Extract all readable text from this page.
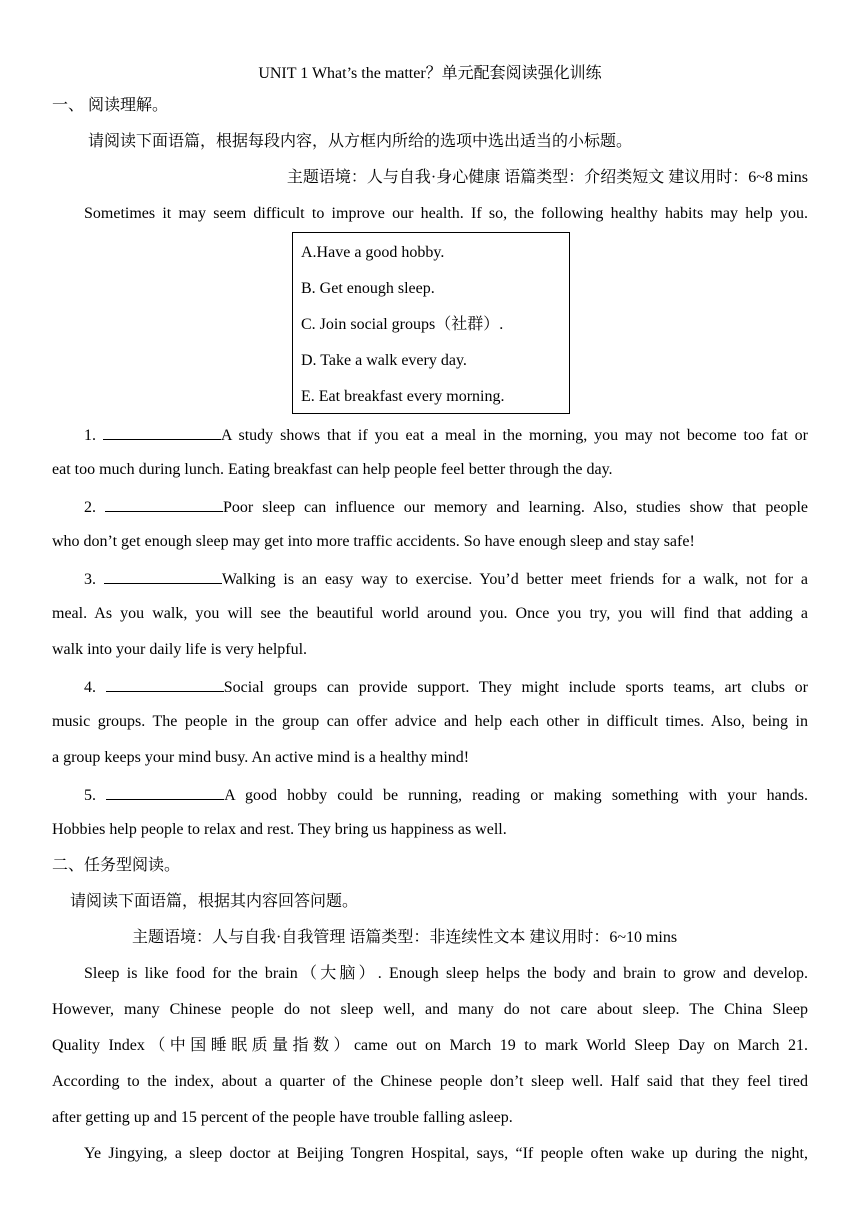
UNIT 1 What’s the matter？单元配套阅读强化训练
一、 阅读理解。
请阅读下面语篇，根据每段内容，从方框内所给的选项中选出适当的小标题。
主题语境：人与自我·身心健康 语篇类型：介绍类短文 建议用时：6~8 mins
Sometimes it may seem difficult to improve our health. If so, the following healthy habits may help you.
A.Have a good hobby.
B. Get enough sleep.
C. Join social groups（社群）.
D. Take a walk every day.
E. Eat breakfast every morning.
1.	A study shows that if you eat a meal in the morning, you may not become too fat or
eat too much during lunch. Eating breakfast can help people feel better through the day.
2.	Poor sleep can influence our memory and learning. Also, studies show that people
who don’t get enough sleep may get into more traffic accidents. So have enough sleep and stay safe!
3.	Walking is an easy way to exercise. You’d better meet friends for a walk, not for a
meal. As you walk, you will see the beautiful world around you. Once you try, you will find that adding a
walk into your daily life is very helpful.
4.	Social groups can provide support. They might include sports teams, art clubs or
music groups. The people in the group can offer advice and help each other in difficult times. Also, being in
a group keeps your mind busy. An active mind is a healthy mind!
5.	A good hobby could be running, reading or making something with your hands.
Hobbies help people to relax and rest. They bring us happiness as well.
二、任务型阅读。
请阅读下面语篇，根据其内容回答问题。
主题语境：人与自我·自我管理 语篇类型：非连续性文本 建议用时：6~10 mins
Sleep is like food for the brain（大脑）. Enough sleep helps the body and brain to grow and develop.
However, many Chinese people do not sleep well, and many do not care about sleep. The China Sleep
Quality Index（中国睡眠质量指数）came out on March 19 to mark World Sleep Day on March 21.
According to the index, about a quarter of the Chinese people don’t sleep well. Half said that they feel tired
after getting up and 15 percent of the people have trouble falling asleep.
Ye Jingying, a sleep doctor at Beijing Tongren Hospital, says, “If people often wake up during the night,
